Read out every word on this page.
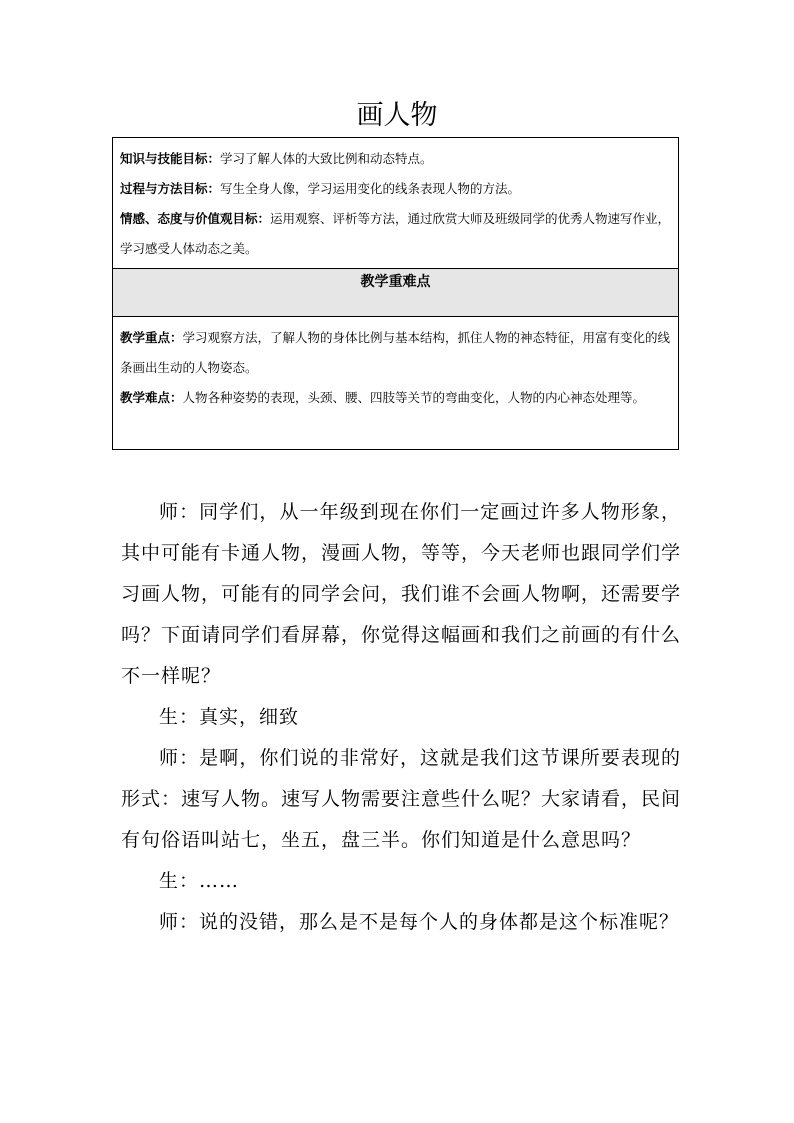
画人物

知识与技能目标：学习了解人体的大致比例和动态特点。

过程与方法目标：写生全身人像，学习运用变化的线条表现人物的方法。

情感、态度与价值观目标：运用观察、评析等方法，通过欣赏大师及班级同学的优秀人物速写作业，学习感受人体动态之美。

教学重难点

教学重点：学习观察方法，了解人物的身体比例与基本结构，抓住人物的神态特征，用富有变化的线条画出生动的人物姿态。

教学难点：人物各种姿势的表现，头颈、腰、四肢等关节的弯曲变化，人物的内心神态处理等。

师：同学们，从一年级到现在你们一定画过许多人物形象，其中可能有卡通人物，漫画人物，等等，今天老师也跟同学们学习画人物，可能有的同学会问，我们谁不会画人物啊，还需要学吗？下面请同学们看屏幕，你觉得这幅画和我们之前画的有什么不一样呢？

生：真实，细致

师：是啊，你们说的非常好，这就是我们这节课所要表现的形式：速写人物。速写人物需要注意些什么呢？大家请看，民间有句俗语叫站七，坐五，盘三半。你们知道是什么意思吗？

生：……

师：说的没错，那么是不是每个人的身体都是这个标准呢？
